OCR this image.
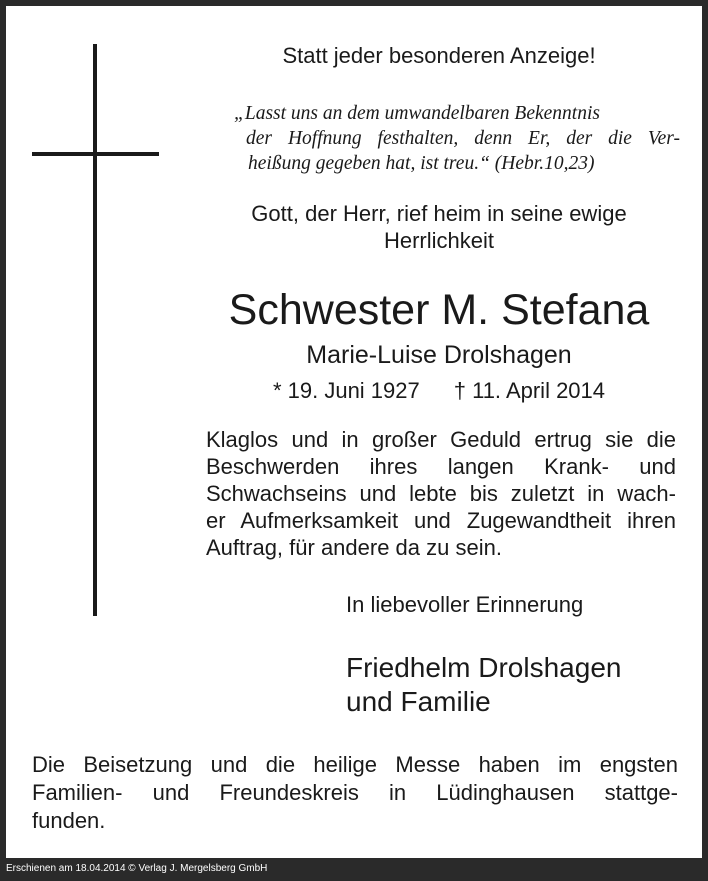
Statt jeder besonderen Anzeige!

„Lasst uns an dem umwandelbaren Bekenntnis
der Hoffnung festhalten, denn Er, der die Ver-
heißung gegeben hat, ist treu.“ (Hebr.10,23)
Gott, der Herr, rief heim in seine ewige
Herrlichkeit
Schwester M. Stefana
Marie-Luise Drolshagen
* 19. Juni 1927 † 11. April 2014
Klaglos und in großer Geduld ertrug sie die
Beschwerden ihres langen Krank- und
Schwachseins und lebte bis zuletzt in wach-
er Aufmerksamkeit und Zugewandtheit ihren
Auftrag, für andere da zu sein.
In liebevoller Erinnerung
Friedhelm Drolshagen
und Familie
Die Beisetzung und die heilige Messe haben im engsten
Familien- und Freundeskreis in Lüdinghausen stattge-
funden.
Erschienen am 18.04.2014 © Verlag J. Mergelsberg GmbH
